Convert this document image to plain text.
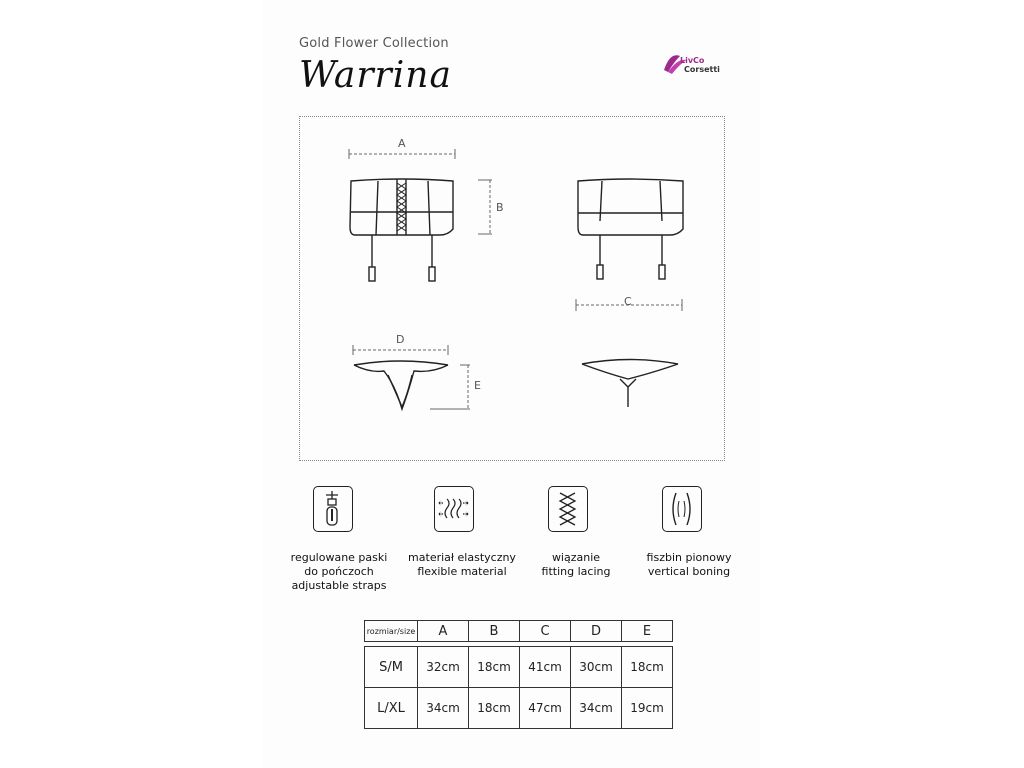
Gold Flower Collection
Warrina	LivCo
Corsetti
A
B
C
D
E
regulowane paski
do pończoch
adjustable straps
materiał elastyczny
flexible material
wiązanie
fitting lacing
fiszbin pionowy
vertical boning
rozmiar/size	A	B	C	D	E

S/M	32cm	18cm	41cm	30cm	18cm
L/XL	34cm	18cm	47cm	34cm	19cm
